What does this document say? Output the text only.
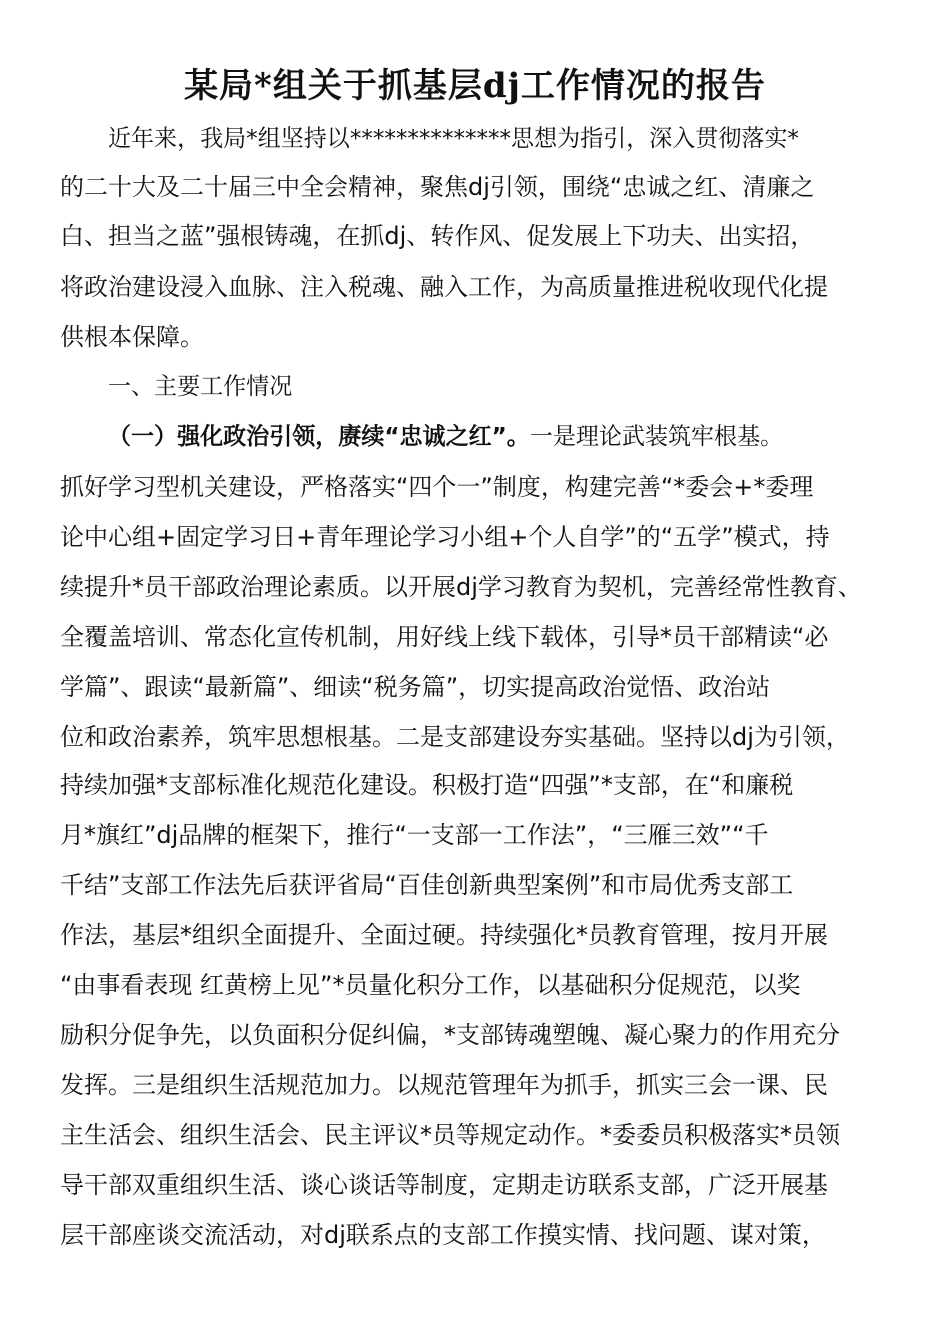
某局*组关于抓基层dj工作情况的报告

近年来，我局*组坚持以**************思想为指引，深入贯彻落实*

的二十大及二十届三中全会精神，聚焦dj引领，围绕“忠诚之红、清廉之

白、担当之蓝”强根铸魂，在抓dj、转作风、促发展上下功夫、出实招，

将政治建设浸入血脉、注入税魂、融入工作，为高质量推进税收现代化提

供根本保障。

一、主要工作情况

（一）强化政治引领，赓续“忠诚之红”。一是理论武装筑牢根基。

抓好学习型机关建设，严格落实“四个一”制度，构建完善“*委会+*委理

论中心组+固定学习日+青年理论学习小组+个人自学”的“五学”模式，持

续提升*员干部政治理论素质。以开展dj学习教育为契机，完善经常性教育、

全覆盖培训、常态化宣传机制，用好线上线下载体，引导*员干部精读“必

学篇”、跟读“最新篇”、细读“税务篇”，切实提高政治觉悟、政治站

位和政治素养，筑牢思想根基。二是支部建设夯实基础。坚持以dj为引领，

持续加强*支部标准化规范化建设。积极打造“四强”*支部，在“和廉税

月*旗红”dj品牌的框架下，推行“一支部一工作法”，“三雁三效”“千

千结”支部工作法先后获评省局“百佳创新典型案例”和市局优秀支部工

作法，基层*组织全面提升、全面过硬。持续强化*员教育管理，按月开展

“由事看表现 红黄榜上见”*员量化积分工作，以基础积分促规范，以奖

励积分促争先，以负面积分促纠偏，*支部铸魂塑魄、凝心聚力的作用充分

发挥。三是组织生活规范加力。以规范管理年为抓手，抓实三会一课、民

主生活会、组织生活会、民主评议*员等规定动作。*委委员积极落实*员领

导干部双重组织生活、谈心谈话等制度，定期走访联系支部，广泛开展基

层干部座谈交流活动，对dj联系点的支部工作摸实情、找问题、谋对策，
